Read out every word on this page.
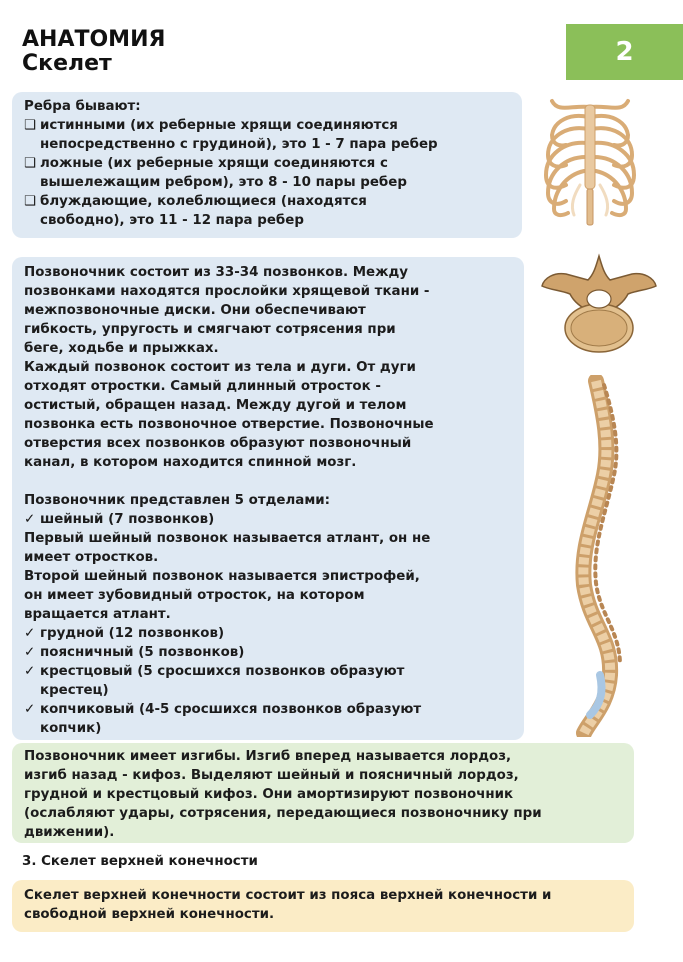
АНАТОМИЯ
Скелет	2

Ребра бывают:

❑ истинными (их реберные хрящи соединяются

непосредственно с грудиной), это 1 - 7 пара ребер

❑ ложные (их реберные хрящи соединяются с

вышележащим ребром), это 8 - 10 пары ребер

❑ блуждающие, колеблющиеся (находятся

свободно), это 11 - 12 пара ребер

Позвоночник состоит из 33-34 позвонков. Между

позвонками находятся прослойки хрящевой ткани -

межпозвоночные диски. Они обеспечивают

гибкость, упругость и смягчают сотрясения при

беге, ходьбе и прыжках.

Каждый позвонок состоит из тела и дуги. От дуги

отходят отростки. Самый длинный отросток -

остистый, обращен назад. Между дугой и телом

позвонка есть позвоночное отверстие. Позвоночные

отверстия всех позвонков образуют позвоночный

канал, в котором находится спинной мозг.

Позвоночник представлен 5 отделами:

✓ шейный (7 позвонков)

Первый шейный позвонок называется атлант, он не

имеет отростков.

Второй шейный позвонок называется эпистрофей,

он имеет зубовидный отросток, на котором

вращается атлант.

✓ грудной (12 позвонков)
✓ поясничный (5 позвонков)
✓ крестцовый (5 сросшихся позвонков образуют

крестец)

✓ копчиковый (4-5 сросшихся позвонков образуют

копчик)

Позвоночник имеет изгибы. Изгиб вперед называется лордоз,

изгиб назад - кифоз. Выделяют шейный и поясничный лордоз,

грудной и крестцовый кифоз. Они амортизируют позвоночник

(ослабляют удары, сотрясения, передающиеся позвоночнику при

движении).

3. Скелет верхней конечности

Скелет верхней конечности состоит из пояса верхней конечности и

свободной верхней конечности.
